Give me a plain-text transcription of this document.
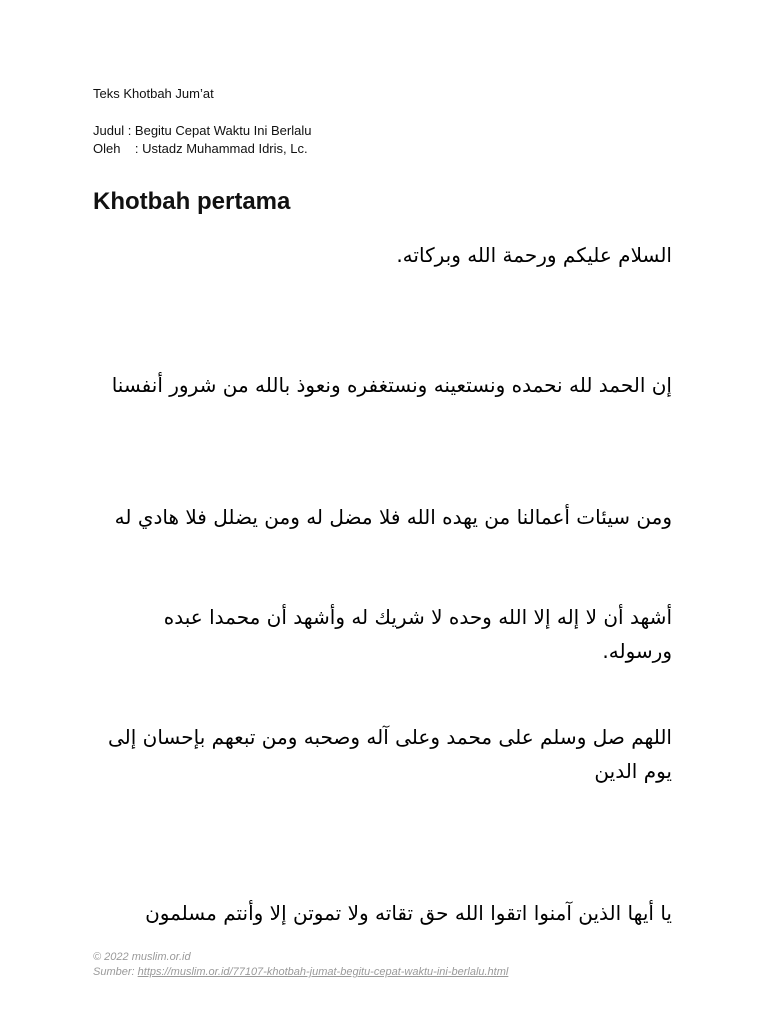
Teks Khotbah Jum’at

Judul : Begitu Cepat Waktu Ini Berlalu
Oleh    : Ustadz Muhammad Idris, Lc.
Khotbah pertama
السلام عليكم ورحمة الله وبركاته.
إن الحمد لله نحمده ونستعينه ونستغفره ونعوذ بالله من شرور أنفسنا
ومن سيئات أعمالنا من يهده الله فلا مضل له ومن يضلل فلا هادي له
أشهد أن لا إله إلا الله وحده لا شريك له وأشهد أن محمدا عبده ورسوله.
اللهم صل وسلم على محمد وعلى آله وصحبه ومن تبعهم بإحسان إلى يوم الدين
يا أيها الذين آمنوا اتقوا الله حق تقاته ولا تموتن إلا وأنتم مسلمون
© 2022 muslim.or.id
Sumber: https://muslim.or.id/77107-khotbah-jumat-begitu-cepat-waktu-ini-berlalu.html
